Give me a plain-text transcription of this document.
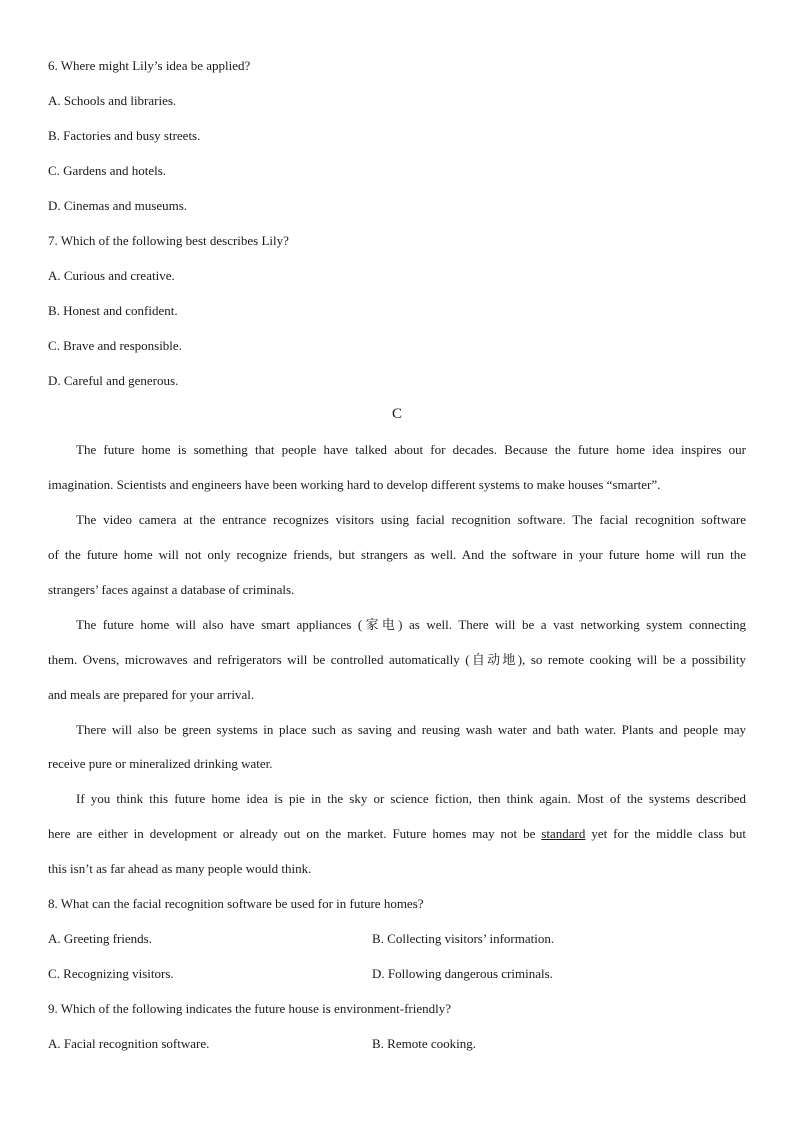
6. Where might Lily’s idea be applied?
A. Schools and libraries.
B. Factories and busy streets.
C. Gardens and hotels.
D. Cinemas and museums.
7. Which of the following best describes Lily?
A. Curious and creative.
B. Honest and confident.
C. Brave and responsible.
D. Careful and generous.
C
The future home is something that people have talked about for decades. Because the future home idea inspires our
imagination. Scientists and engineers have been working hard to develop different systems to make houses “smarter”.
The video camera at the entrance recognizes visitors using facial recognition software. The facial recognition software
of the future home will not only recognize friends, but strangers as well. And the software in your future home will run the
strangers’ faces against a database of criminals.
The future home will also have smart appliances (家电) as well. There will be a vast networking system connecting
them. Ovens, microwaves and refrigerators will be controlled automatically (自动地), so remote cooking will be a possibility
and meals are prepared for your arrival.
There will also be green systems in place such as saving and reusing wash water and bath water. Plants and people may
receive pure or mineralized drinking water.
If you think this future home idea is pie in the sky or science fiction, then think again. Most of the systems described
here are either in development or already out on the market. Future homes may not be standard yet for the middle class but
this isn’t as far ahead as many people would think.
8. What can the facial recognition software be used for in future homes?
A. Greeting friends.	B. Collecting visitors’ information.
C. Recognizing visitors.	D. Following dangerous criminals.
9. Which of the following indicates the future house is environment-friendly?
A. Facial recognition software.	B. Remote cooking.
